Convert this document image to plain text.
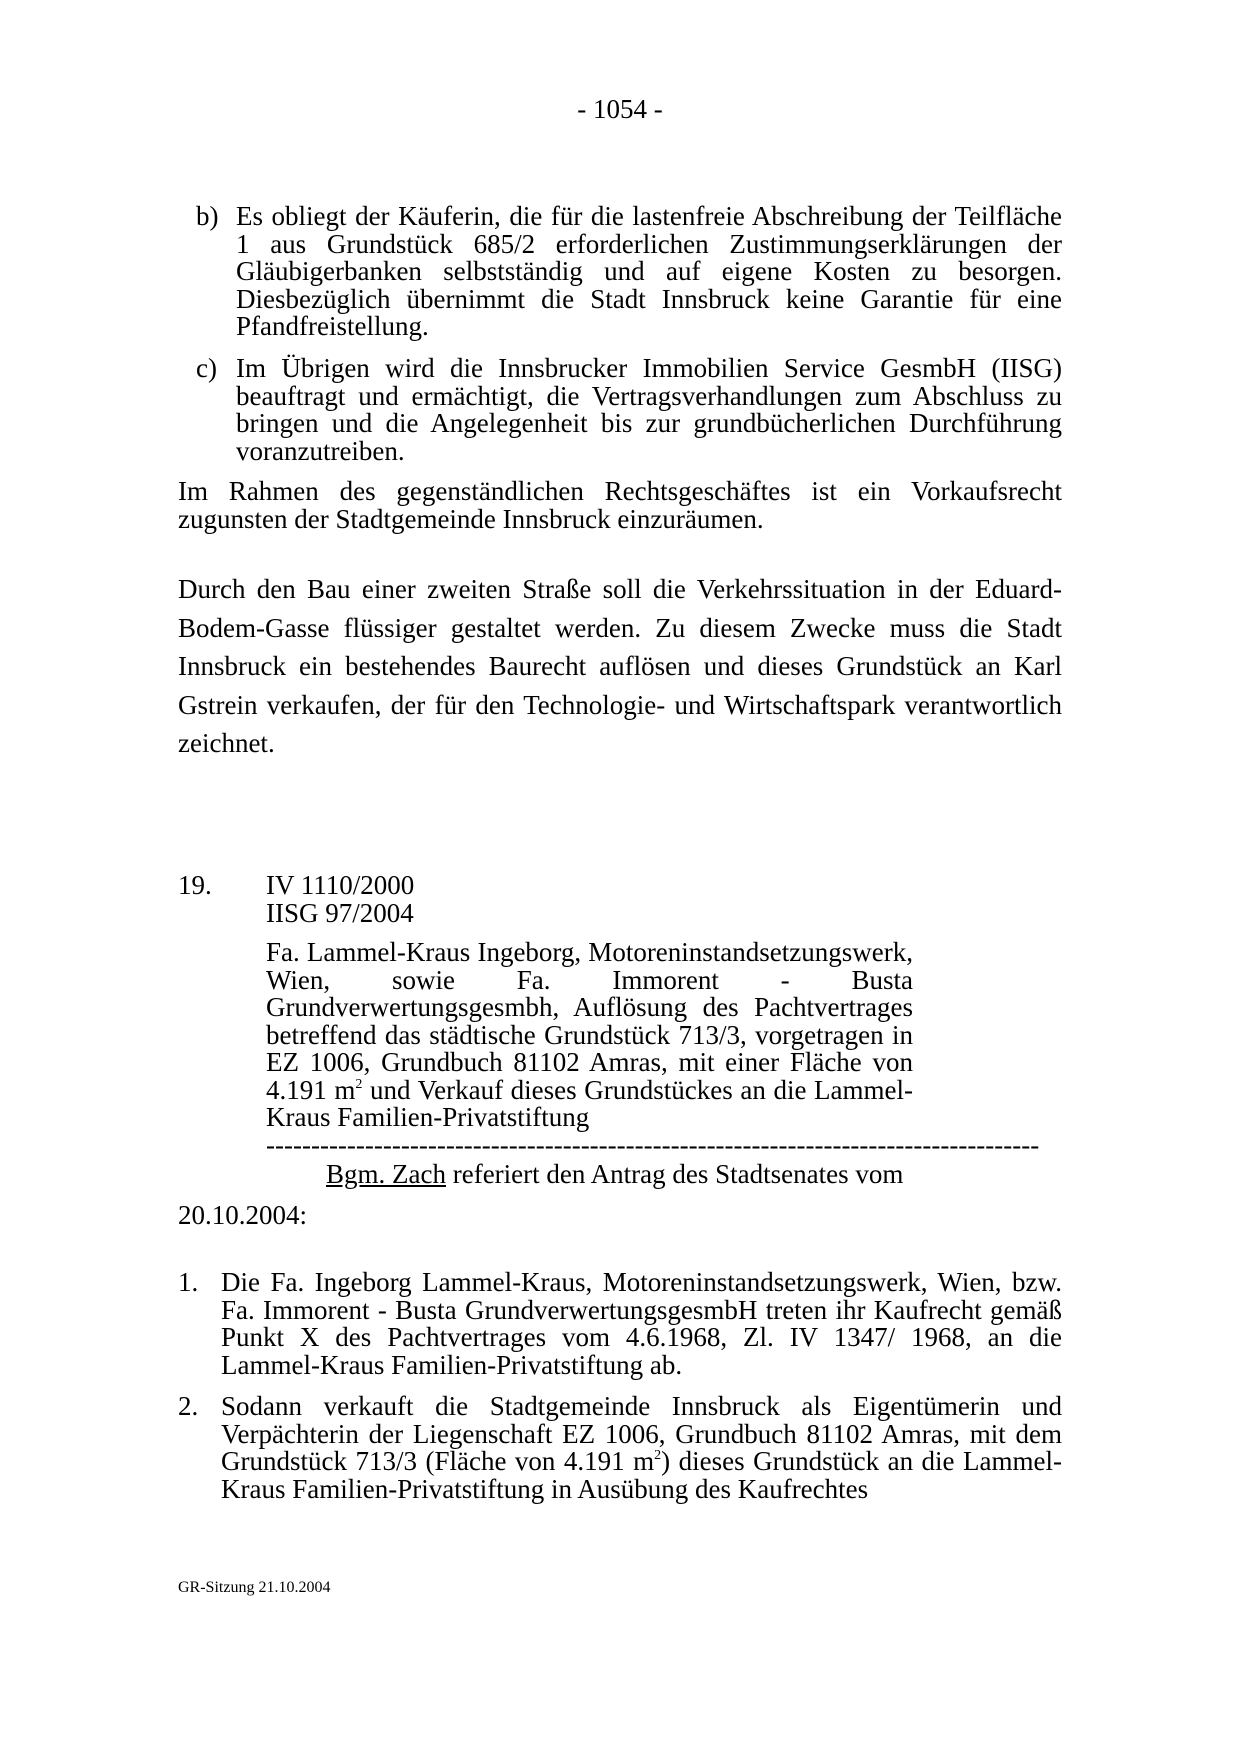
- 1054 -
b) Es obliegt der Käuferin, die für die lastenfreie Abschreibung der Teilfläche 1 aus Grundstück 685/2 erforderlichen Zustimmungserklärungen der Gläubigerbanken selbstständig und auf eigene Kosten zu besorgen. Diesbezüglich übernimmt die Stadt Innsbruck keine Garantie für eine Pfandfreistellung.
c) Im Übrigen wird die Innsbrucker Immobilien Service GesmbH (IISG) beauftragt und ermächtigt, die Vertragsverhandlungen zum Abschluss zu bringen und die Angelegenheit bis zur grundbücherlichen Durchführung voranzutreiben.
Im Rahmen des gegenständlichen Rechtsgeschäftes ist ein Vorkaufsrecht zugunsten der Stadtgemeinde Innsbruck einzuräumen.
Durch den Bau einer zweiten Straße soll die Verkehrssituation in der Eduard-Bodem-Gasse flüssiger gestaltet werden. Zu diesem Zwecke muss die Stadt Innsbruck ein bestehendes Baurecht auflösen und dieses Grundstück an Karl Gstrein verkaufen, der für den Technologie- und Wirtschaftspark verantwortlich zeichnet.
19. IV 1110/2000
IISG 97/2004
Fa. Lammel-Kraus Ingeborg, Motoreninstandsetzungswerk, Wien, sowie Fa. Immorent - Busta Grundverwertungsgesmbh, Auflösung des Pachtvertrages betreffend das städtische Grundstück 713/3, vorgetragen in EZ 1006, Grundbuch 81102 Amras, mit einer Fläche von 4.191 $m^2$ und Verkauf dieses Grundstückes an die Lammel-Kraus Familien-Privatstiftung
--------------------------------------------------------------------------------------
Bgm. Zach referiert den Antrag des Stadtsenates vom
20.10.2004:
1. Die Fa. Ingeborg Lammel-Kraus, Motoreninstandsetzungswerk, Wien, bzw. Fa. Immorent - Busta GrundverwertungsgesmbH treten ihr Kaufrecht gemäß Punkt X des Pachtvertrages vom 4.6.1968, Zl. IV 1347/ 1968, an die Lammel-Kraus Familien-Privatstiftung ab.
2. Sodann verkauft die Stadtgemeinde Innsbruck als Eigentümerin und Verpächterin der Liegenschaft EZ 1006, Grundbuch 81102 Amras, mit dem Grundstück 713/3 (Fläche von 4.191 $m^2$) dieses Grundstück an die Lammel-Kraus Familien-Privatstiftung in Ausübung des Kaufrechtes
GR-Sitzung 21.10.2004
